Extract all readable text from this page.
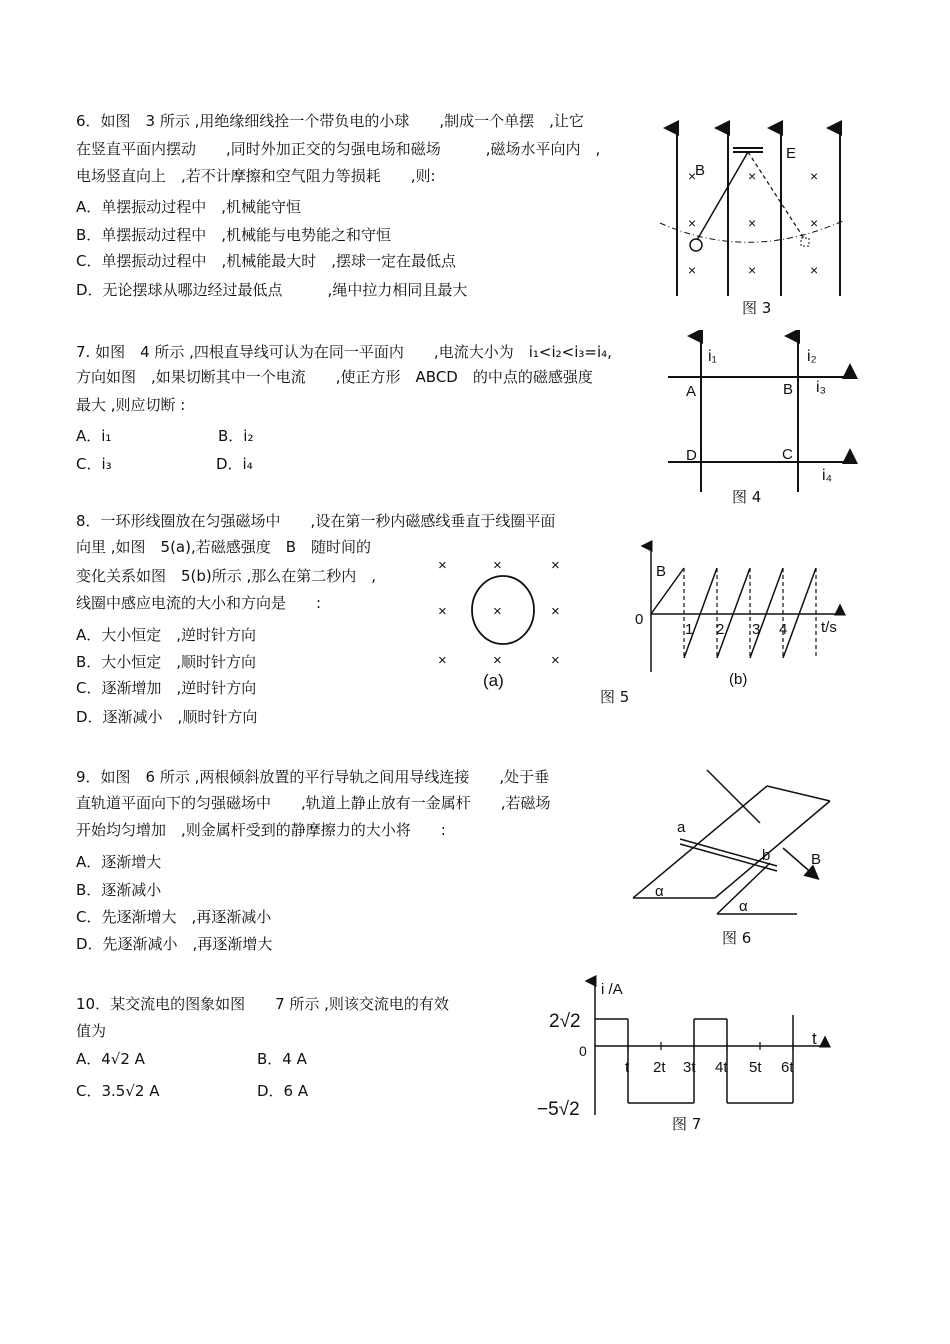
6．如图　3 所示 ,用绝缘细线拴一个带负电的小球　　,制成一个单摆　,让它
在竖直平面内摆动　　,同时外加正交的匀强电场和磁场　　　,磁场水平向内　,
电场竖直向上　,若不计摩擦和空气阻力等损耗　　,则:
A．单摆振动过程中　,机械能守恒
B．单摆振动过程中　,机械能与电势能之和守恒
C．单摆振动过程中　,机械能最大时　,摆球一定在最低点
D．无论摆球从哪边经过最低点　　　,绳中拉力相同且最大
B
E
×	×	×
×	×	×
×	×	×
图 3
7. 如图　4 所示 ,四根直导线可认为在同一平面内　　,电流大小为　i₁<i₂<i₃=i₄,
方向如图　,如果切断其中一个电流　　,使正方形　ABCD　的中点的磁感强度
最大 ,则应切断 :
A．i₁	B．i₂
C．i₃	D．i₄
i₁	i₂
i₃
i₄
A	B
D	C
图 4
8．一环形线圈放在匀强磁场中　　,设在第一秒内磁感线垂直于线圈平面
向里 ,如图　5(a),若磁感强度　B　随时间的
变化关系如图　5(b)所示 ,那么在第二秒内　,
线圈中感应电流的大小和方向是　　:
A．大小恒定　,逆时针方向
B．大小恒定　,顺时针方向
C．逐渐增加　,逆时针方向
D．逐渐减小　,顺时针方向
×	×	×
×	×	×
×	×	×
(a)
B
0	t/s
1 2 3 4
(b)
图 5
9．如图　6 所示 ,两根倾斜放置的平行导轨之间用导线连接　　,处于垂
直轨道平面向下的匀强磁场中　　,轨道上静止放有一金属杆　　,若磁场
开始均匀增加　,则金属杆受到的静摩擦力的大小将　　:
A．逐渐增大
B．逐渐减小
C．先逐渐增大　,再逐渐减小
D．先逐渐减小　,再逐渐增大
a
b	B
α
α
图 6
10．某交流电的图象如图　　7 所示 ,则该交流电的有效
值为
A．4√2 A	B．4 A
C．3.5√2 A	D．6 A
i /A
t
0
2√2
−5√2
t 2t 3t 4t 5t 6t
图 7
